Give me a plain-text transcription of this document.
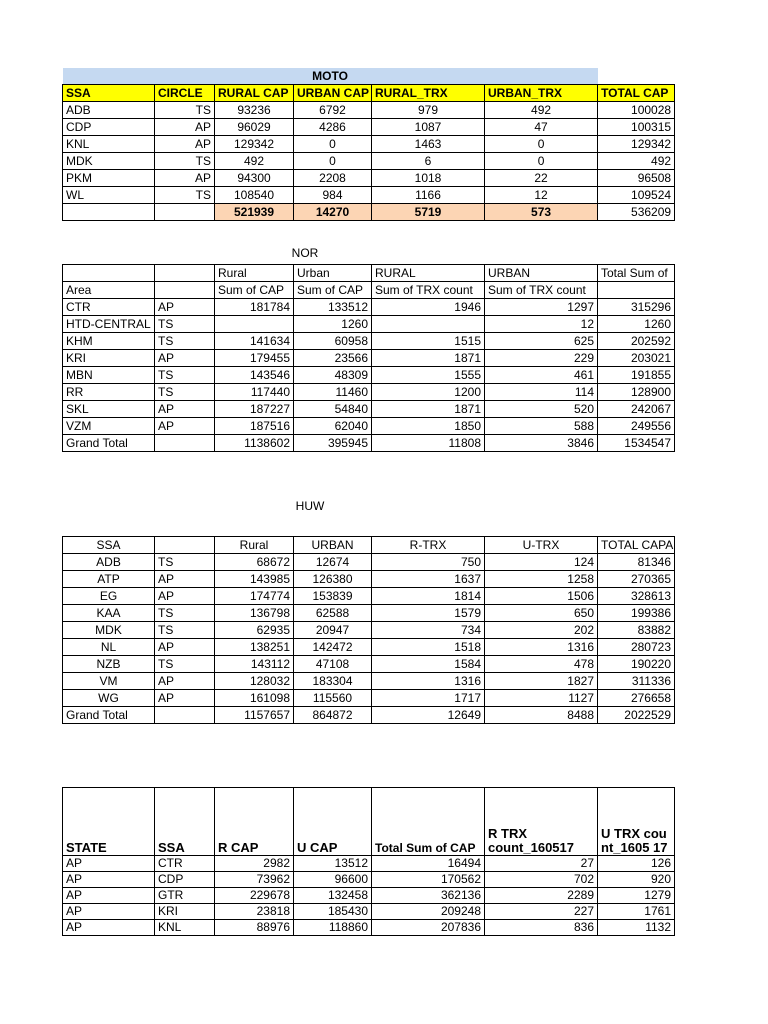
MOTO						
SSA	CIRCLE	RURAL CAP	URBAN CAP	RURAL_TRX	URBAN_TRX	TOTAL CAP
ADB	TS	93236	6792	979	492	100028
CDP	AP	96029	4286	1087	47	100315
KNL	AP	129342	0	1463	0	129342
MDK	TS	492	0	6	0	492
PKM	AP	94300	2208	1018	22	96508
WL	TS	108540	984	1166	12	109524
		521939	14270	5719	573	536209
NOR
		Rural	Urban	RURAL	URBAN	Total Sum of
Area		Sum of CAP	Sum of CAP	Sum of TRX count	Sum of TRX count	
CTR	AP	181784	133512	1946	1297	315296
HTD-CENTRAL	TS		1260		12	1260
KHM	TS	141634	60958	1515	625	202592
KRI	AP	179455	23566	1871	229	203021
MBN	TS	143546	48309	1555	461	191855
RR	TS	117440	11460	1200	114	128900
SKL	AP	187227	54840	1871	520	242067
VZM	AP	187516	62040	1850	588	249556
Grand Total		1138602	395945	11808	3846	1534547
HUW
SSA		Rural	URBAN	R-TRX	U-TRX	TOTAL CAPA
ADB	TS	68672	12674	750	124	81346
ATP	AP	143985	126380	1637	1258	270365
EG	AP	174774	153839	1814	1506	328613
KAA	TS	136798	62588	1579	650	199386
MDK	TS	62935	20947	734	202	83882
NL	AP	138251	142472	1518	1316	280723
NZB	TS	143112	47108	1584	478	190220
VM	AP	128032	183304	1316	1827	311336
WG	AP	161098	115560	1717	1127	276658
Grand Total		1157657	864872	12649	8488	2022529
STATE	SSA	R CAP	U CAP	Total Sum of CAP	R TRX count_160517	U TRX count_1605 17
AP	CTR	2982	13512	16494	27	126
AP	CDP	73962	96600	170562	702	920
AP	GTR	229678	132458	362136	2289	1279
AP	KRI	23818	185430	209248	227	1761
AP	KNL	88976	118860	207836	836	1132
